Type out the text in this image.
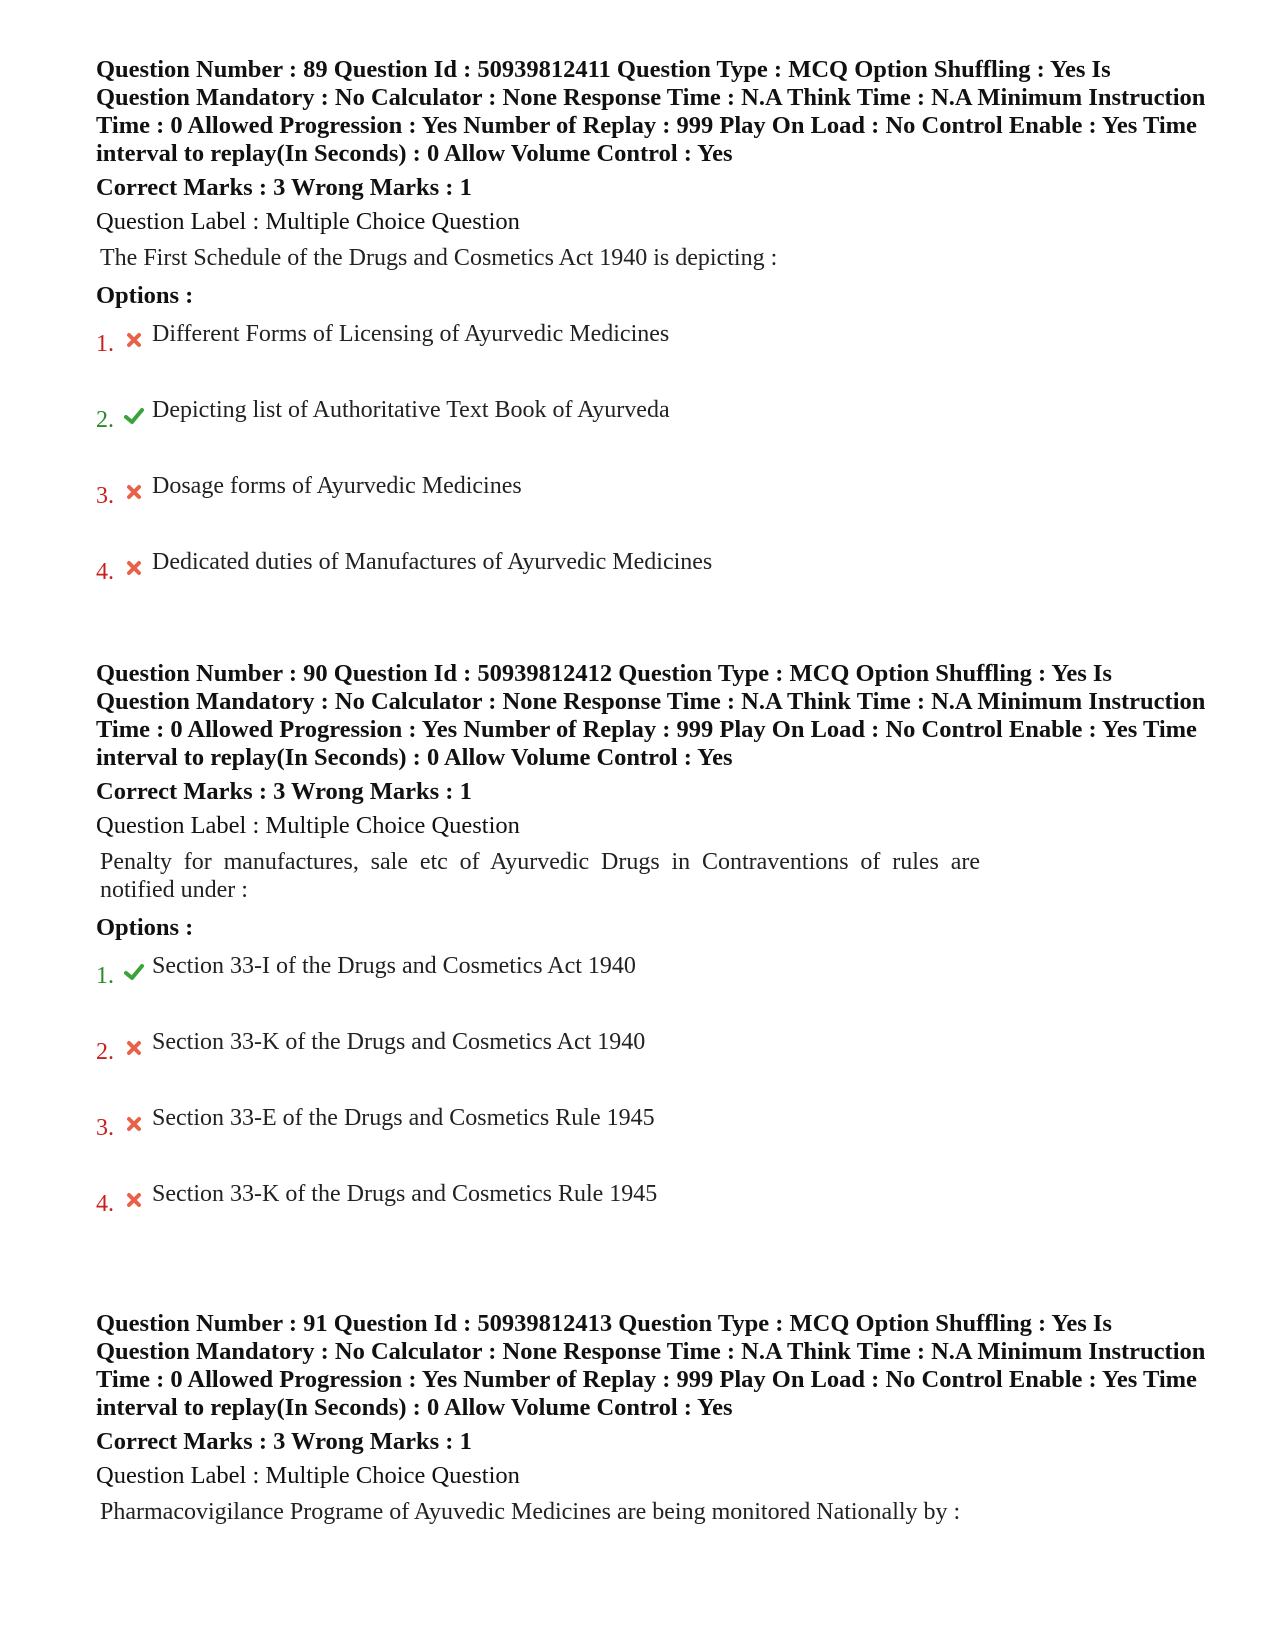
Question Number : 89 Question Id : 50939812411 Question Type : MCQ Option Shuffling : Yes Is Question Mandatory : No Calculator : None Response Time : N.A Think Time : N.A Minimum Instruction Time : 0 Allowed Progression : Yes Number of Replay : 999 Play On Load : No Control Enable : Yes Time interval to replay(In Seconds) : 0 Allow Volume Control : Yes

Correct Marks : 3 Wrong Marks : 1

Question Label : Multiple Choice Question

The First Schedule of the Drugs and Cosmetics Act 1940 is depicting :

Options :

1. Different Forms of Licensing of Ayurvedic Medicines
2. Depicting list of Authoritative Text Book of Ayurveda
3. Dosage forms of Ayurvedic Medicines
4. Dedicated duties of Manufactures of Ayurvedic Medicines

Question Number : 90 Question Id : 50939812412 Question Type : MCQ Option Shuffling : Yes Is Question Mandatory : No Calculator : None Response Time : N.A Think Time : N.A Minimum Instruction Time : 0 Allowed Progression : Yes Number of Replay : 999 Play On Load : No Control Enable : Yes Time interval to replay(In Seconds) : 0 Allow Volume Control : Yes

Correct Marks : 3 Wrong Marks : 1

Question Label : Multiple Choice Question

Penalty for manufactures, sale etc of Ayurvedic Drugs in Contraventions of rules are notified under :

Options :

1. Section 33-I of the Drugs and Cosmetics Act 1940
2. Section 33-K of the Drugs and Cosmetics Act 1940
3. Section 33-E of the Drugs and Cosmetics Rule 1945
4. Section 33-K of the Drugs and Cosmetics Rule 1945

Question Number : 91 Question Id : 50939812413 Question Type : MCQ Option Shuffling : Yes Is Question Mandatory : No Calculator : None Response Time : N.A Think Time : N.A Minimum Instruction Time : 0 Allowed Progression : Yes Number of Replay : 999 Play On Load : No Control Enable : Yes Time interval to replay(In Seconds) : 0 Allow Volume Control : Yes

Correct Marks : 3 Wrong Marks : 1

Question Label : Multiple Choice Question

Pharmacovigilance Programe of Ayuvedic Medicines are being monitored Nationally by :
